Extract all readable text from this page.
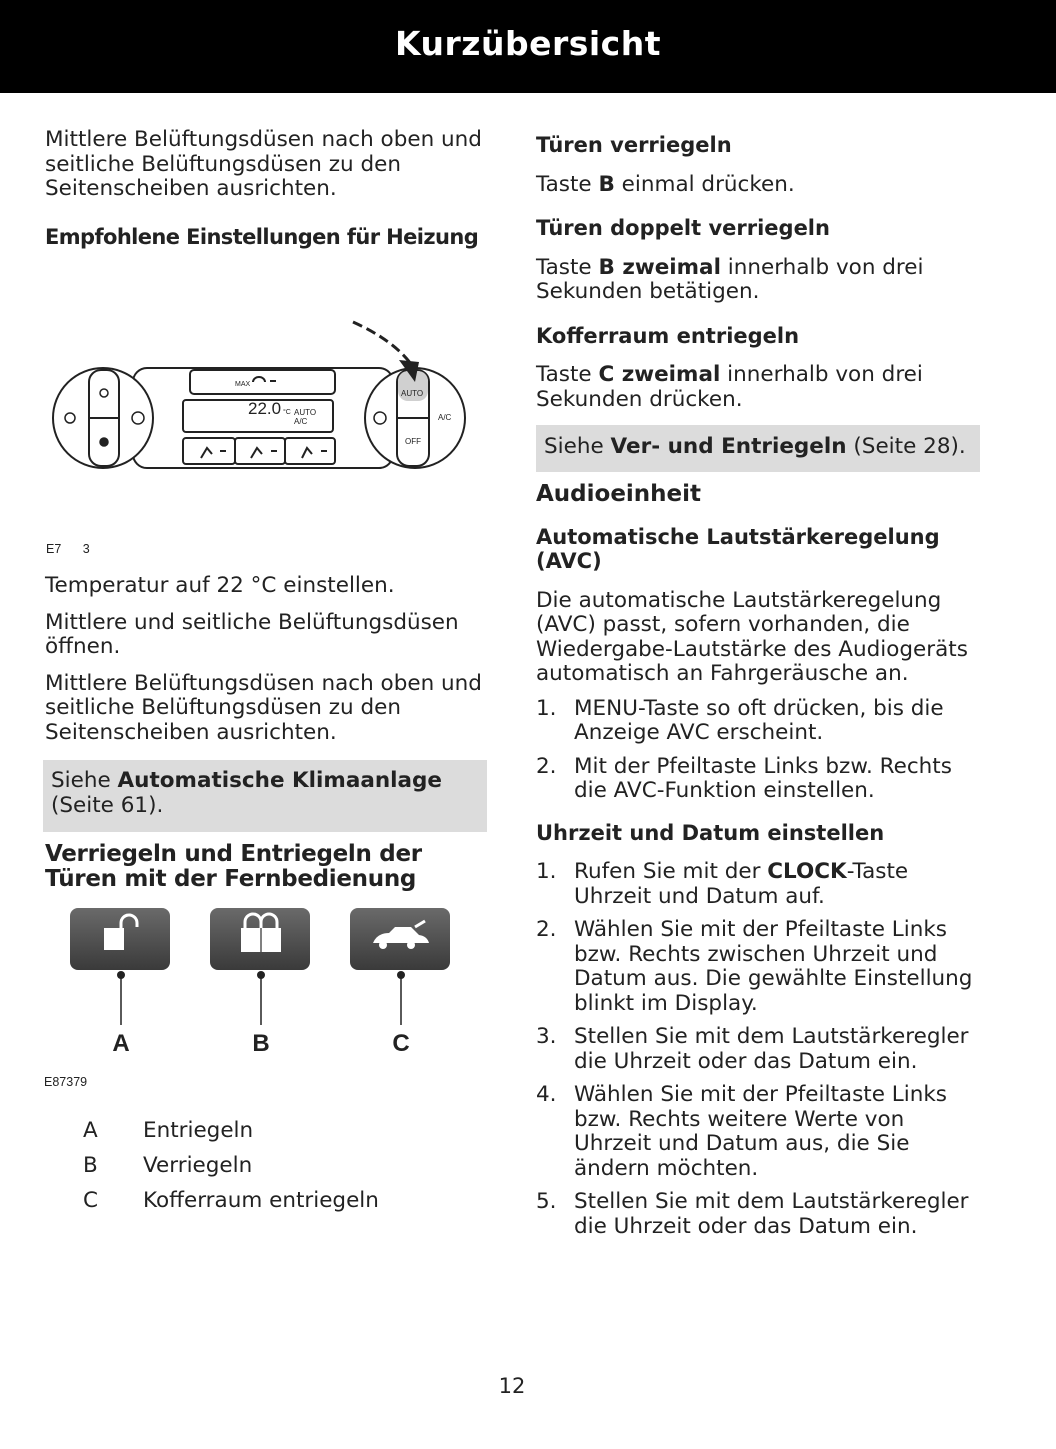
Kurzübersicht

Mittlere Belüftungsdüsen nach oben und seitliche Belüftungsdüsen zu den Seitenscheiben ausrichten.

Empfohlene Einstellungen für Heizung
MAX
22.0 °C AUTO
A/C
AUTO
OFF
A/C
E7 3

Temperatur auf 22 °C einstellen.

Mittlere und seitliche Belüftungsdüsen öffnen.

Mittlere Belüftungsdüsen nach oben und seitliche Belüftungsdüsen zu den Seitenscheiben ausrichten.

Siehe Automatische Klimaanlage (Seite 61).
Verriegeln und Entriegeln der Türen mit der Fernbedienung
A	B	C
E87379
A Entriegeln
B Verriegeln
C Kofferraum entriegeln
Türen verriegeln

Taste B einmal drücken.

Türen doppelt verriegeln

Taste B zweimal innerhalb von drei Sekunden betätigen.

Kofferraum entriegeln

Taste C zweimal innerhalb von drei Sekunden drücken.

Siehe Ver- und Entriegeln (Seite 28).
Audioeinheit
Automatische Lautstärkeregelung (AVC)

Die automatische Lautstärkeregelung (AVC) passt, sofern vorhanden, die Wiedergabe-Lautstärke des Audiogeräts automatisch an Fahrgeräusche an.

1. MENU-Taste so oft drücken, bis die Anzeige AVC erscheint.
2. Mit der Pfeiltaste Links bzw. Rechts die AVC-Funktion einstellen.
Uhrzeit und Datum einstellen
1. Rufen Sie mit der CLOCK-Taste Uhrzeit und Datum auf.
2. Wählen Sie mit der Pfeiltaste Links bzw. Rechts zwischen Uhrzeit und Datum aus. Die gewählte Einstellung blinkt im Display.
3. Stellen Sie mit dem Lautstärkeregler die Uhrzeit oder das Datum ein.
4. Wählen Sie mit der Pfeiltaste Links bzw. Rechts weitere Werte von Uhrzeit und Datum aus, die Sie ändern möchten.
5. Stellen Sie mit dem Lautstärkeregler die Uhrzeit oder das Datum ein.
12
